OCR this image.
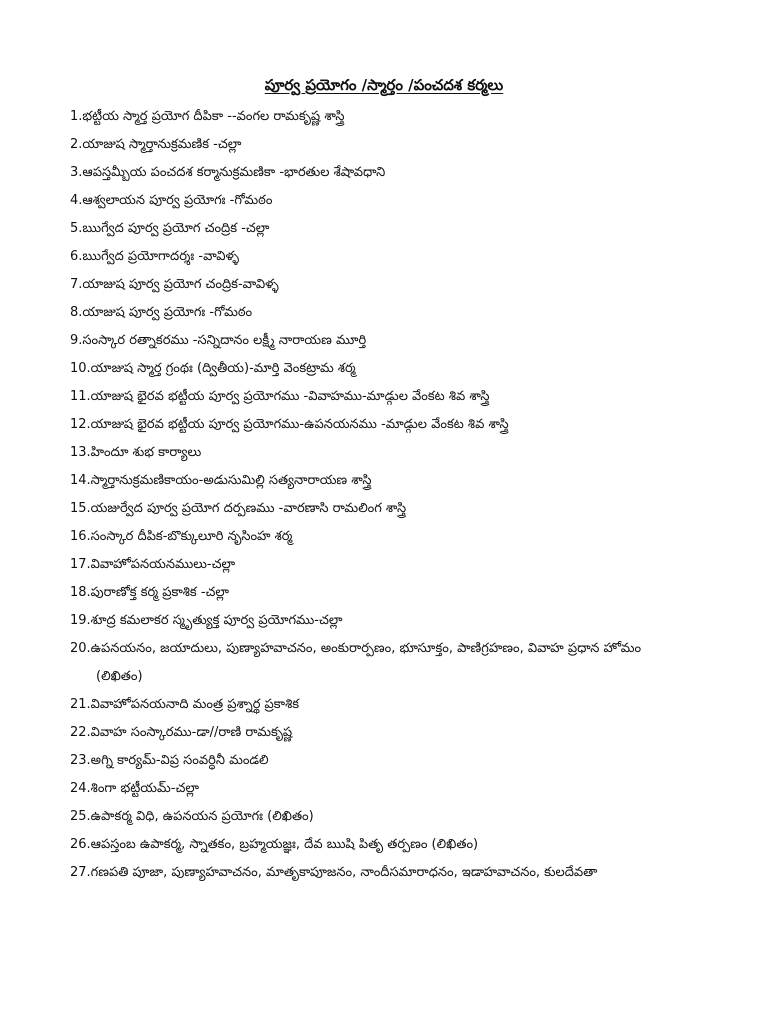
పూర్వ ప్రయోగం /స్మార్తం /పంచదశ కర్మలు
1.భట్టీయ స్మార్త ప్రయోగ దీపికా --వంగల రామకృష్ణ శాస్త్రి
2.యాజుష స్మార్తానుక్రమణిక -చల్లా
3.ఆపస్తమ్బీయ పంచదశ కర్మానుక్రమణికా -భారతుల శేషావధాని
4.ఆశ్వలాయన పూర్వ ప్రయోగః -గోమఠం
5.ఋగ్వేద పూర్వ ప్రయోగ చంద్రిక -చల్లా
6.ఋగ్వేద ప్రయోగాదర్శః -వావిళ్ళ
7.యాజుష పూర్వ ప్రయోగ చంద్రిక-వావిళ్ళ
8.యాజుష పూర్వ ప్రయోగః -గోమఠం
9.సంస్కార రత్నాకరము -సన్నిదానం లక్ష్మీ నారాయణ మూర్తి
10.యాజుష స్మార్త గ్రంథః (ద్వితీయ)-మార్తి వెంకట్రామ శర్మ
11.యాజుష భైరవ భట్టీయ పూర్వ ప్రయోగము -వివాహము-మాడ్గుల వేంకట శివ శాస్త్రి
12.యాజుష భైరవ భట్టీయ పూర్వ ప్రయోగము-ఉపనయనము -మాడ్గుల వేంకట శివ శాస్త్రి
13.హిందూ శుభ కార్యాలు
14.స్మార్తానుక్రమణికాయం-అడుసుమిల్లి సత్యనారాయణ శాస్త్రి
15.యజుర్వేద పూర్వ ప్రయోగ దర్పణము -వారణాసి రామలింగ శాస్త్రి
16.సంస్కార దీపిక-బొక్కులూరి నృసింహ శర్మ
17.వివాహోపనయనములు-చల్లా
18.పురాణోక్త కర్మ ప్రకాశిక -చల్లా
19.శూద్ర కమలాకర స్మృత్యుక్త పూర్వ ప్రయోగము-చల్లా
20.ఉపనయనం, జయాదులు, పుణ్యాహవాచనం, అంకురార్పణం, భూసూక్తం, పాణిగ్రహణం, వివాహ ప్రధాన హోమం
(లిఖితం)
21.వివాహోపనయనాది మంత్ర ప్రశ్నార్థ ప్రకాశిక
22.వివాహ సంస్కారము-డా//రాణి రామకృష్ణ
23.అగ్ని కార్యమ్-విప్ర సంవర్ధినీ మండలి
24.శింగా భట్టీయమ్-చల్లా
25.ఉపాకర్మ విధి, ఉపనయన ప్రయోగః (లిఖితం)
26.ఆపస్తంబ ఉపాకర్మ, స్నాతకం, బ్రహ్మయజ్ఞః, దేవ ఋషి పితృ తర్పణం (లిఖితం)
27.గణపతి పూజా, పుణ్యాహవాచనం, మాతృకాపూజనం, నాందీసమారాధనం, ఇడాహవాచనం, కులదేవతా
